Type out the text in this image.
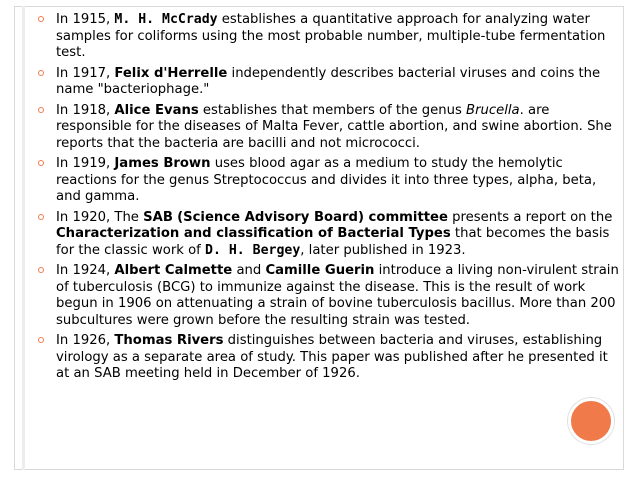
In 1915, M. H. McCrady establishes a quantitative approach for analyzing water samples for coliforms using the most probable number, multiple-tube fermentation test.
In 1917, Felix d'Herrelle independently describes bacterial viruses and coins the name "bacteriophage."
In 1918, Alice Evans establishes that members of the genus Brucella. are responsible for the diseases of Malta Fever, cattle abortion, and swine abortion. She reports that the bacteria are bacilli and not micrococci.
In 1919, James Brown uses blood agar as a medium to study the hemolytic reactions for the genus Streptococcus and divides it into three types, alpha, beta, and gamma.
In 1920, The SAB (Science Advisory Board) committee presents a report on the Characterization and classification of Bacterial Types that becomes the basis for the classic work of D. H. Bergey, later published in 1923.
In 1924, Albert Calmette and Camille Guerin introduce a living non-virulent strain of tuberculosis (BCG) to immunize against the disease. This is the result of work begun in 1906 on attenuating a strain of bovine tuberculosis bacillus. More than 200 subcultures were grown before the resulting strain was tested.
In 1926, Thomas Rivers distinguishes between bacteria and viruses, establishing virology as a separate area of study. This paper was published after he presented it at an SAB meeting held in December of 1926.
